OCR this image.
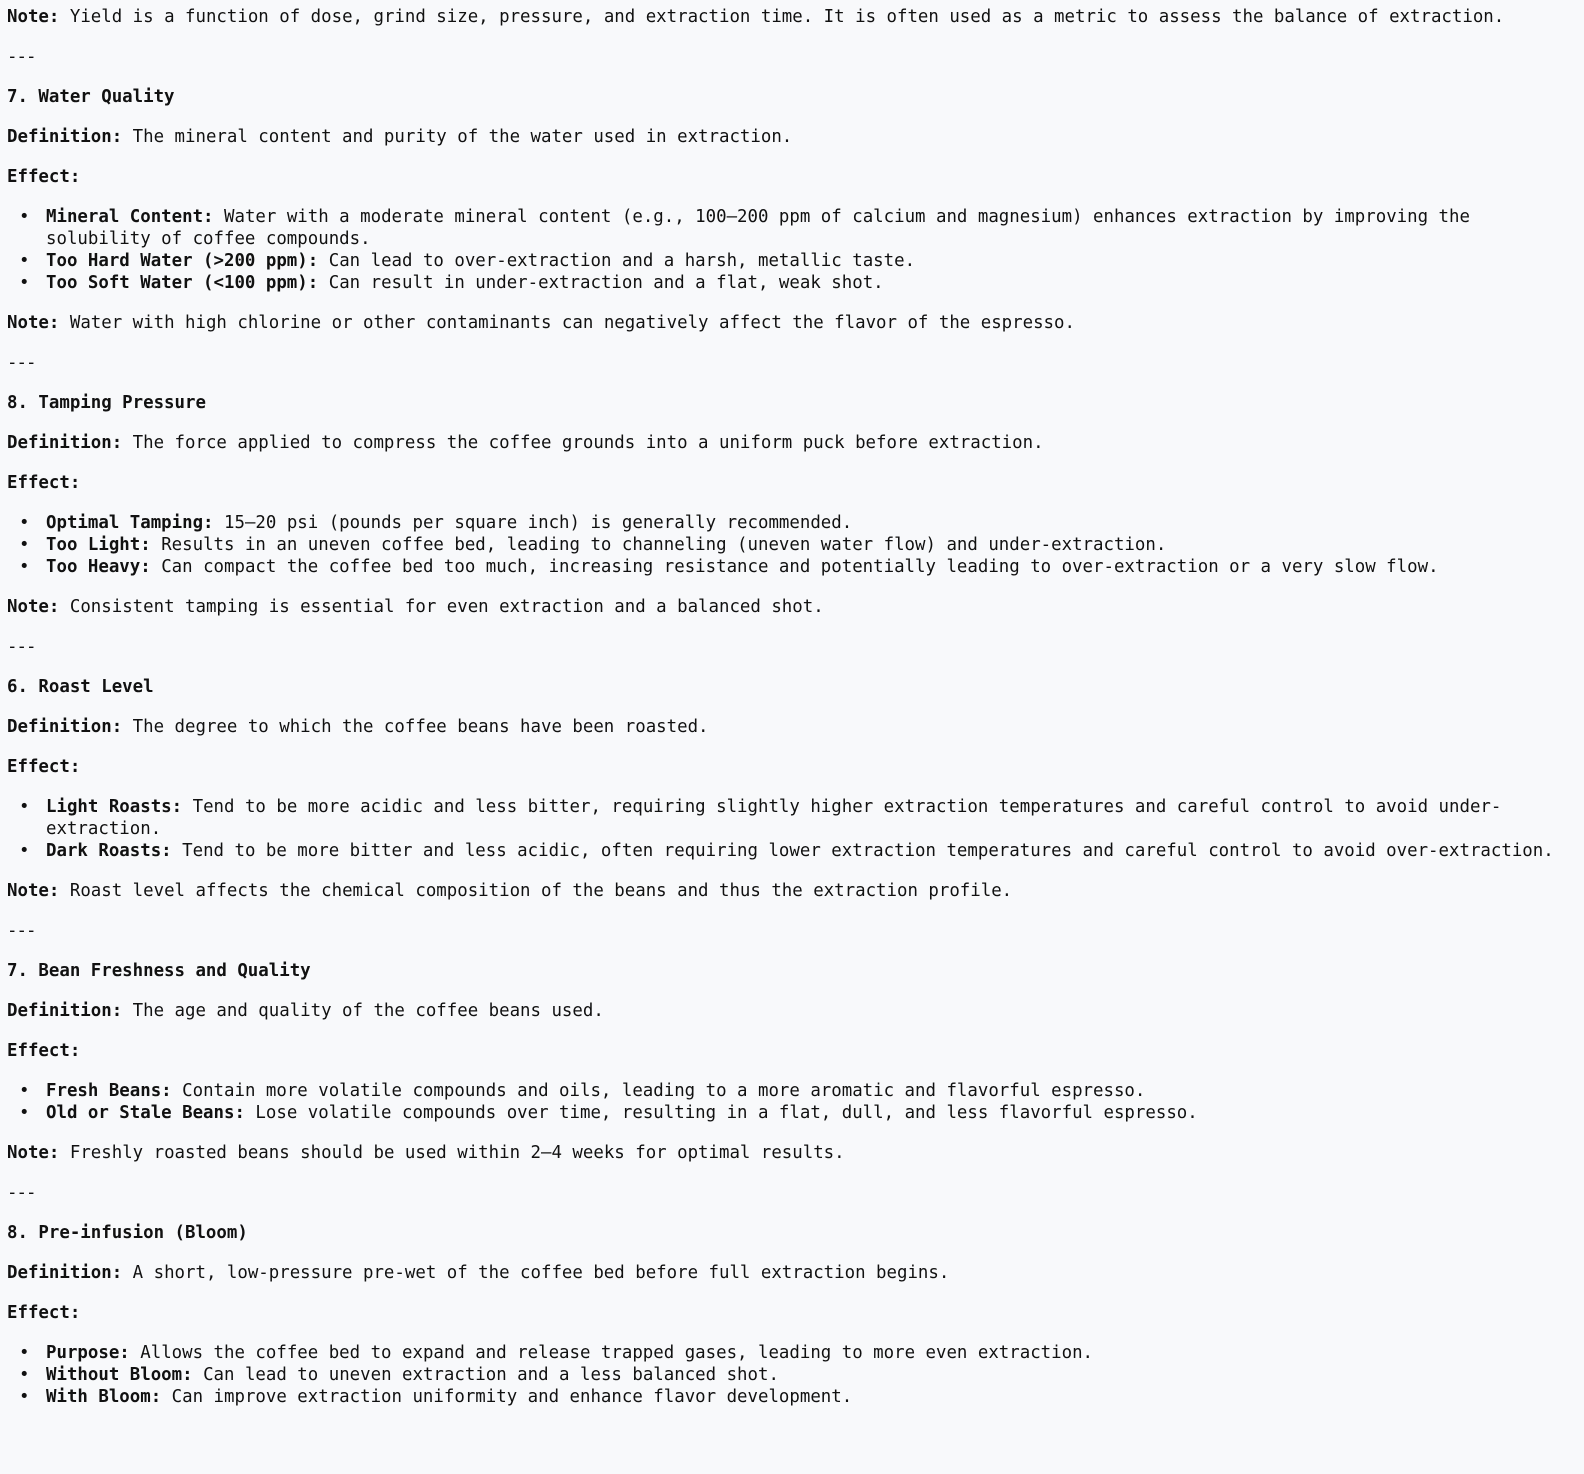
Note: Yield is a function of dose, grind size, pressure, and extraction time. It is often used as a metric to assess the balance of extraction.

---
7. Water Quality

Definition: The mineral content and purity of the water used in extraction.

Effect:
• Mineral Content: Water with a moderate mineral content (e.g., 100–200 ppm of calcium and magnesium) enhances extraction by improving the solubility of coffee compounds.
• Too Hard Water (>200 ppm): Can lead to over-extraction and a harsh, metallic taste.
• Too Soft Water (<100 ppm): Can result in under-extraction and a flat, weak shot.

Note: Water with high chlorine or other contaminants can negatively affect the flavor of the espresso.

---
8. Tamping Pressure

Definition: The force applied to compress the coffee grounds into a uniform puck before extraction.

Effect:
• Optimal Tamping: 15–20 psi (pounds per square inch) is generally recommended.
• Too Light: Results in an uneven coffee bed, leading to channeling (uneven water flow) and under-extraction.
• Too Heavy: Can compact the coffee bed too much, increasing resistance and potentially leading to over-extraction or a very slow flow.

Note: Consistent tamping is essential for even extraction and a balanced shot.

---
6. Roast Level

Definition: The degree to which the coffee beans have been roasted.

Effect:
• Light Roasts: Tend to be more acidic and less bitter, requiring slightly higher extraction temperatures and careful control to avoid under-extraction.
• Dark Roasts: Tend to be more bitter and less acidic, often requiring lower extraction temperatures and careful control to avoid over-extraction.

Note: Roast level affects the chemical composition of the beans and thus the extraction profile.

---
7. Bean Freshness and Quality

Definition: The age and quality of the coffee beans used.

Effect:
• Fresh Beans: Contain more volatile compounds and oils, leading to a more aromatic and flavorful espresso.
• Old or Stale Beans: Lose volatile compounds over time, resulting in a flat, dull, and less flavorful espresso.

Note: Freshly roasted beans should be used within 2–4 weeks for optimal results.

---
8. Pre-infusion (Bloom)

Definition: A short, low-pressure pre-wet of the coffee bed before full extraction begins.

Effect:
• Purpose: Allows the coffee bed to expand and release trapped gases, leading to more even extraction.
• Without Bloom: Can lead to uneven extraction and a less balanced shot.
• With Bloom: Can improve extraction uniformity and enhance flavor development.
